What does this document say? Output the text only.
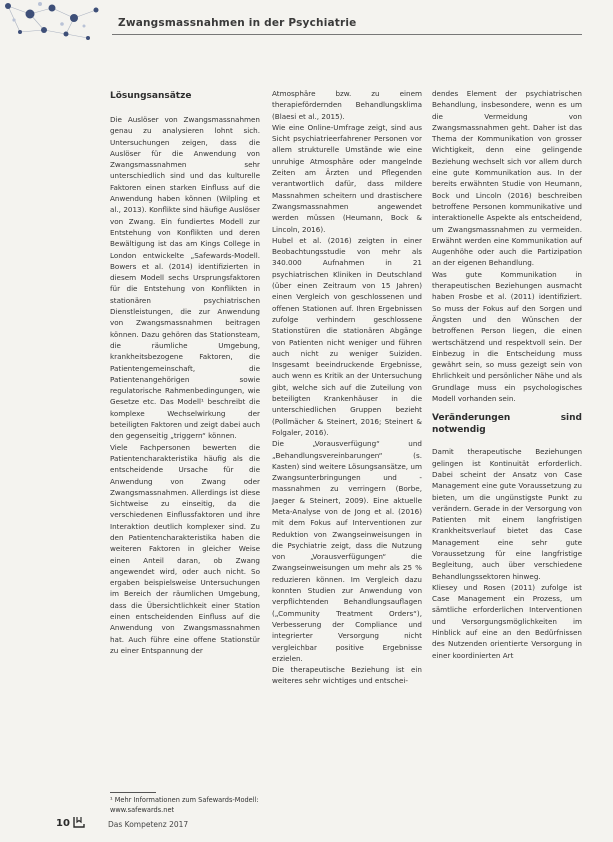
Zwangsmassnahmen in der Psychiatrie
Lösungsansätze

Die Auslöser von Zwangsmassnahmen genau zu analysieren lohnt sich. Untersuchungen zeigen, dass die Auslöser für die Anwendung von Zwangsmassnahmen sehr unterschiedlich sind und das kulturelle Faktoren einen starken Einfluss auf die Anwendung haben können (Wilpling et al., 2013). Konflikte sind häufige Auslöser von Zwang. Ein fundiertes Modell zur Entstehung von Konflikten und deren Bewältigung ist das am Kings College in London entwickelte „Safewards-Modell. Bowers et al. (2014) identifizierten in diesem Modell sechs Ursprungsfaktoren für die Entstehung von Konflikten in stationären psychiatrischen Dienstleistungen, die zur Anwendung von Zwangsmassnahmen beitragen können. Dazu gehören das Stationsteam, die räumliche Umgebung, krankheitsbezogene Faktoren, die Patientengemeinschaft, die Patientenangehörigen sowie regulatorische Rahmenbedingungen, wie Gesetze etc. Das Modell¹ beschreibt die komplexe Wechselwirkung der beteiligten Faktoren und zeigt dabei auch den gegenseitig „triggern“ können.

Viele Fachpersonen bewerten die Patientencharakteristika häufig als die entscheidende Ursache für die Anwendung von Zwang oder Zwangsmassnahmen. Allerdings ist diese Sichtweise zu einseitig, da die verschiedenen Einflussfaktoren und ihre Interaktion deutlich komplexer sind. Zu den Patientencharakteristika haben die weiteren Faktoren in gleicher Weise einen Anteil daran, ob Zwang angewendet wird, oder auch nicht. So ergaben beispielsweise Untersuchungen im Bereich der räumlichen Umgebung, dass die Übersichtlichkeit einer Station einen entscheidenden Einfluss auf die Anwendung von Zwangsmassnahmen hat. Auch führe eine offene Stationstür zu einer Entspannung der

Atmosphäre bzw. zu einem therapiefördernden Behandlungsklima (Blaesi et al., 2015).

Wie eine Online-Umfrage zeigt, sind aus Sicht psychiatrieerfahrener Personen vor allem strukturelle Umstände wie eine unruhige Atmosphäre oder mangelnde Zeiten am Ärzten und Pflegenden verantwortlich dafür, dass mildere Massnahmen scheitern und drastischere Zwangsmassnahmen angewendet werden müssen (Heumann, Bock & Lincoln, 2016).

Hubel et al. (2016) zeigten in einer Beobachtungsstudie von mehr als 340.000 Aufnahmen in 21 psychiatrischen Kliniken in Deutschland (über einen Zeitraum von 15 Jahren) einen Vergleich von geschlossenen und offenen Stationen auf. Ihren Ergebnissen zufolge verhindern geschlossene Stationstüren die stationären Abgänge von Patienten nicht weniger und führen auch nicht zu weniger Suiziden. Insgesamt beeindruckende Ergebnisse, auch wenn es Kritik an der Untersuchung gibt, welche sich auf die Zuteilung von beteiligten Krankenhäuser in die unterschiedlichen Gruppen bezieht (Pollmächer & Steinert, 2016; Steinert & Folgaler, 2016).

Die „Vorausverfügung“ und „Behandlungsvereinbarungen“ (s. Kasten) sind weitere Lösungsansätze, um Zwangsunterbringungen und -massnahmen zu verringern (Borbe, Jaeger & Steinert, 2009). Eine aktuelle Meta-Analyse von de Jong et al. (2016) mit dem Fokus auf Interventionen zur Reduktion von Zwangseinweisungen in die Psychiatrie zeigt, dass die Nutzung von „Vorausverfügungen“ die Zwangseinweisungen um mehr als 25 % reduzieren können. Im Vergleich dazu konnten Studien zur Anwendung von verpflichtenden Behandlungsauflagen („Community Treatment Orders“), Verbesserung der Compliance und integrierter Versorgung nicht vergleichbar positive Ergebnisse erzielen.

Die therapeutische Beziehung ist ein weiteres sehr wichtiges und entschei-

dendes Element der psychiatrischen Behandlung, insbesondere, wenn es um die Vermeidung von Zwangsmassnahmen geht. Daher ist das Thema der Kommunikation von grosser Wichtigkeit, denn eine gelingende Beziehung wechselt sich vor allem durch eine gute Kommunikation aus. In der bereits erwähnten Studie von Heumann, Bock und Lincoln (2016) beschreiben betroffene Personen kommunikative und interaktionelle Aspekte als entscheidend, um Zwangsmassnahmen zu vermeiden. Erwähnt werden eine Kommunikation auf Augenhöhe oder auch die Partizipation an der eigenen Behandlung.

Was gute Kommunikation in therapeutischen Beziehungen ausmacht haben Frosbe et al. (2011) identifiziert. So muss der Fokus auf den Sorgen und Ängsten und den Wünschen der betroffenen Person liegen, die einen wertschätzend und respektvoll sein. Der Einbezug in die Entscheidung muss gewährt sein, so muss gezeigt sein von Ehrlichkeit und persönlicher Nähe und als Grundlage muss ein psychologisches Modell vorhanden sein.

Veränderungen sind notwendig

Damit therapeutische Beziehungen gelingen ist Kontinuität erforderlich. Dabei scheint der Ansatz von Case Management eine gute Voraussetzung zu bieten, um die ungünstigste Punkt zu verändern. Gerade in der Versorgung von Patienten mit einem langfristigen Krankheitsverlauf bietet das Case Management eine sehr gute Voraussetzung für eine langfristige Begleitung, auch über verschiedene Behandlungssektoren hinweg.

Kliesey und Rosen (2011) zufolge ist Case Management ein Prozess, um sämtliche erforderlichen Interventionen und Versorgungsmöglichkeiten im Hinblick auf eine an den Bedürfnissen des Nutzenden orientierte Versorgung in einer koordinierten Art

¹ Mehr Informationen zum Safewards-Modell: www.safewards.net
10	Das Kompetenz 2017
